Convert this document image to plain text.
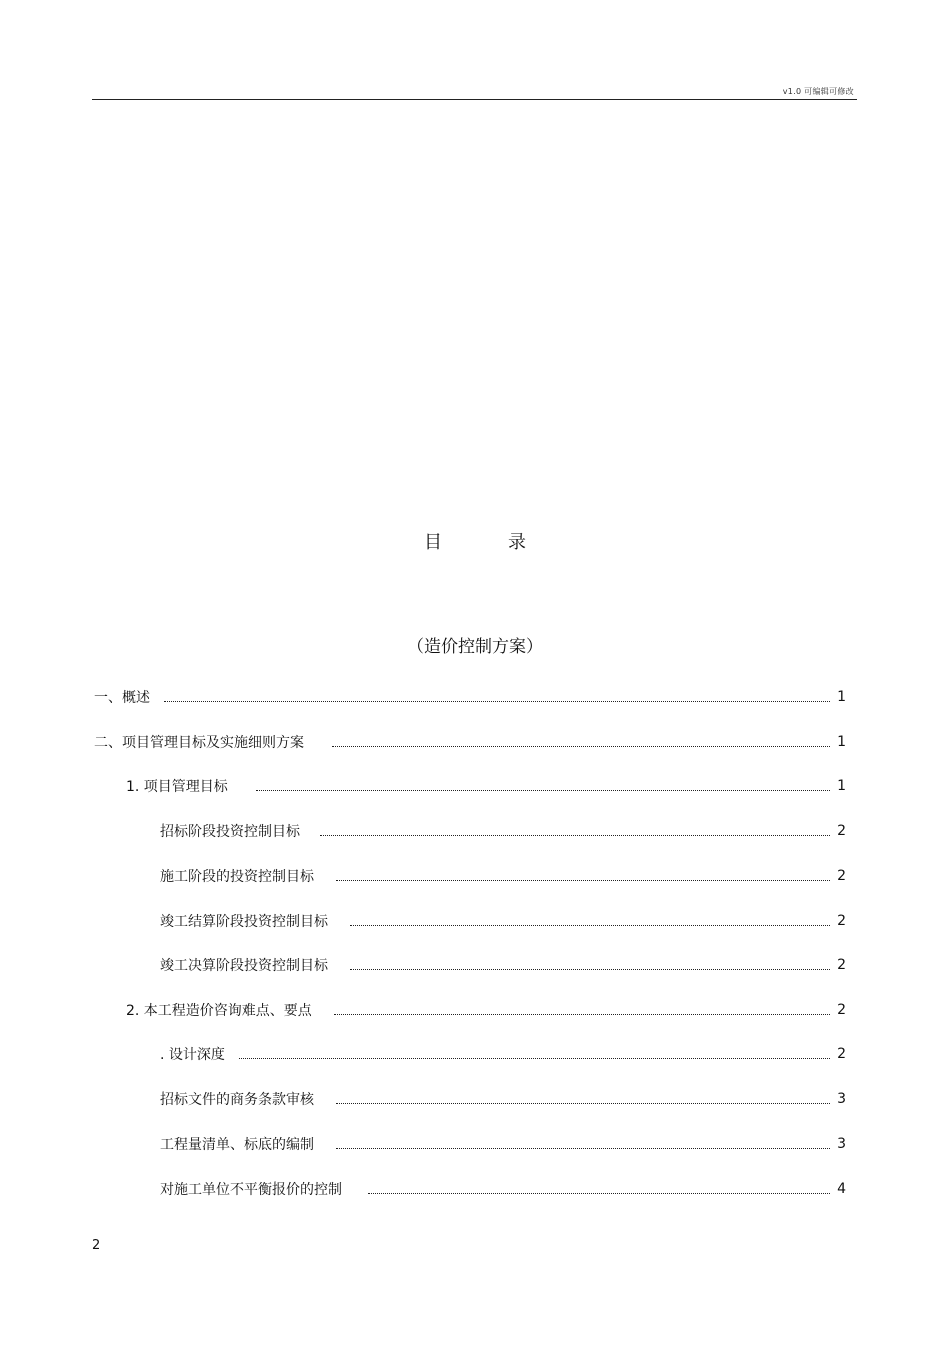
v1.0 可编辑可修改
目	录
（造价控制方案）
一、概述	1
二、项目管理目标及实施细则方案	1
1. 项目管理目标	1
招标阶段投资控制目标	2
施工阶段的投资控制目标	2
竣工结算阶段投资控制目标	2
竣工决算阶段投资控制目标	2
2. 本工程造价咨询难点、要点	2
. 设计深度	2
招标文件的商务条款审核	3
工程量清单、标底的编制	3
对施工单位不平衡报价的控制	4
2
